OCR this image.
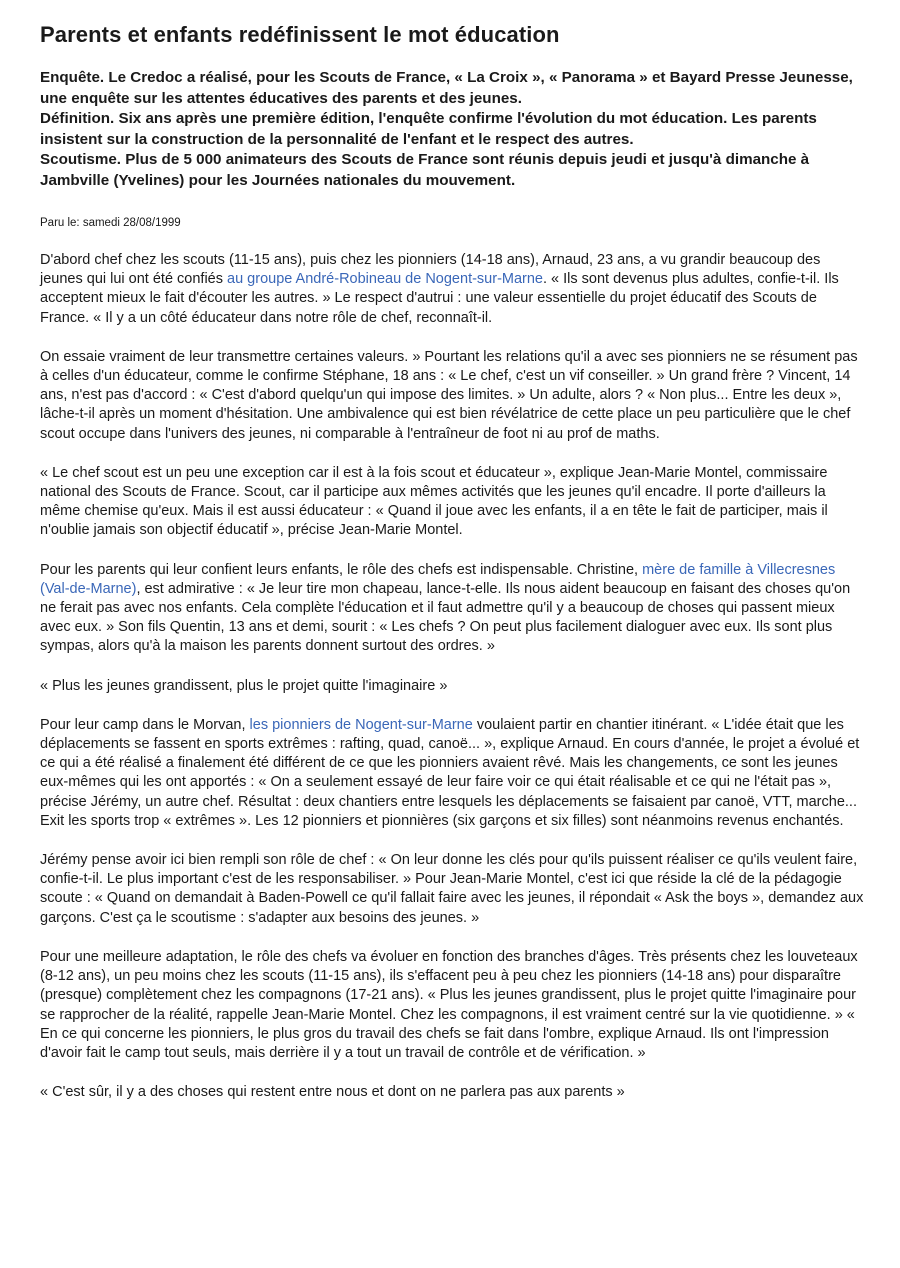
Parents et enfants redéfinissent le mot éducation

Enquête. Le Credoc a réalisé, pour les Scouts de France, « La Croix », « Panorama » et Bayard Presse Jeunesse, une enquête sur les attentes éducatives des parents et des jeunes.

Définition. Six ans après une première édition, l'enquête confirme l'évolution du mot éducation. Les parents insistent sur la construction de la personnalité de l'enfant et le respect des autres.

Scoutisme. Plus de 5 000 animateurs des Scouts de France sont réunis depuis jeudi et jusqu'à dimanche à Jambville (Yvelines) pour les Journées nationales du mouvement.

Paru le: samedi 28/08/1999

D'abord chef chez les scouts (11-15 ans), puis chez les pionniers (14-18 ans), Arnaud, 23 ans, a vu grandir beaucoup des jeunes qui lui ont été confiés au groupe André-Robineau de Nogent-sur-Marne. « Ils sont devenus plus adultes, confie-t-il. Ils acceptent mieux le fait d'écouter les autres. » Le respect d'autrui : une valeur essentielle du projet éducatif des Scouts de France. « Il y a un côté éducateur dans notre rôle de chef, reconnaît-il.

On essaie vraiment de leur transmettre certaines valeurs. » Pourtant les relations qu'il a avec ses pionniers ne se résument pas à celles d'un éducateur, comme le confirme Stéphane, 18 ans : « Le chef, c'est un vif conseiller. » Un grand frère ? Vincent, 14 ans, n'est pas d'accord : « C'est d'abord quelqu'un qui impose des limites. » Un adulte, alors ? « Non plus... Entre les deux », lâche-t-il après un moment d'hésitation. Une ambivalence qui est bien révélatrice de cette place un peu particulière que le chef scout occupe dans l'univers des jeunes, ni comparable à l'entraîneur de foot ni au prof de maths.

« Le chef scout est un peu une exception car il est à la fois scout et éducateur », explique Jean-Marie Montel, commissaire national des Scouts de France. Scout, car il participe aux mêmes activités que les jeunes qu'il encadre. Il porte d'ailleurs la même chemise qu'eux. Mais il est aussi éducateur : « Quand il joue avec les enfants, il a en tête le fait de participer, mais il n'oublie jamais son objectif éducatif », précise Jean-Marie Montel.

Pour les parents qui leur confient leurs enfants, le rôle des chefs est indispensable. Christine, mère de famille à Villecresnes (Val-de-Marne), est admirative : « Je leur tire mon chapeau, lance-t-elle. Ils nous aident beaucoup en faisant des choses qu'on ne ferait pas avec nos enfants. Cela complète l'éducation et il faut admettre qu'il y a beaucoup de choses qui passent mieux avec eux. » Son fils Quentin, 13 ans et demi, sourit : « Les chefs ? On peut plus facilement dialoguer avec eux. Ils sont plus sympas, alors qu'à la maison les parents donnent surtout des ordres. »

« Plus les jeunes grandissent, plus le projet quitte l'imaginaire »

Pour leur camp dans le Morvan, les pionniers de Nogent-sur-Marne voulaient partir en chantier itinérant. « L'idée était que les déplacements se fassent en sports extrêmes : rafting, quad, canoë... », explique Arnaud. En cours d'année, le projet a évolué et ce qui a été réalisé a finalement été différent de ce que les pionniers avaient rêvé. Mais les changements, ce sont les jeunes eux-mêmes qui les ont apportés : « On a seulement essayé de leur faire voir ce qui était réalisable et ce qui ne l'était pas », précise Jérémy, un autre chef. Résultat : deux chantiers entre lesquels les déplacements se faisaient par canoë, VTT, marche... Exit les sports trop « extrêmes ». Les 12 pionniers et pionnières (six garçons et six filles) sont néanmoins revenus enchantés.

Jérémy pense avoir ici bien rempli son rôle de chef : « On leur donne les clés pour qu'ils puissent réaliser ce qu'ils veulent faire, confie-t-il. Le plus important c'est de les responsabiliser. » Pour Jean-Marie Montel, c'est ici que réside la clé de la pédagogie scoute : « Quand on demandait à Baden-Powell ce qu'il fallait faire avec les jeunes, il répondait « Ask the boys », demandez aux garçons. C'est ça le scoutisme : s'adapter aux besoins des jeunes. »

Pour une meilleure adaptation, le rôle des chefs va évoluer en fonction des branches d'âges. Très présents chez les louveteaux (8-12 ans), un peu moins chez les scouts (11-15 ans), ils s'effacent peu à peu chez les pionniers (14-18 ans) pour disparaître (presque) complètement chez les compagnons (17-21 ans). « Plus les jeunes grandissent, plus le projet quitte l'imaginaire pour se rapprocher de la réalité, rappelle Jean-Marie Montel. Chez les compagnons, il est vraiment centré sur la vie quotidienne. » « En ce qui concerne les pionniers, le plus gros du travail des chefs se fait dans l'ombre, explique Arnaud. Ils ont l'impression d'avoir fait le camp tout seuls, mais derrière il y a tout un travail de contrôle et de vérification. »

« C'est sûr, il y a des choses qui restent entre nous et dont on ne parlera pas aux parents »
